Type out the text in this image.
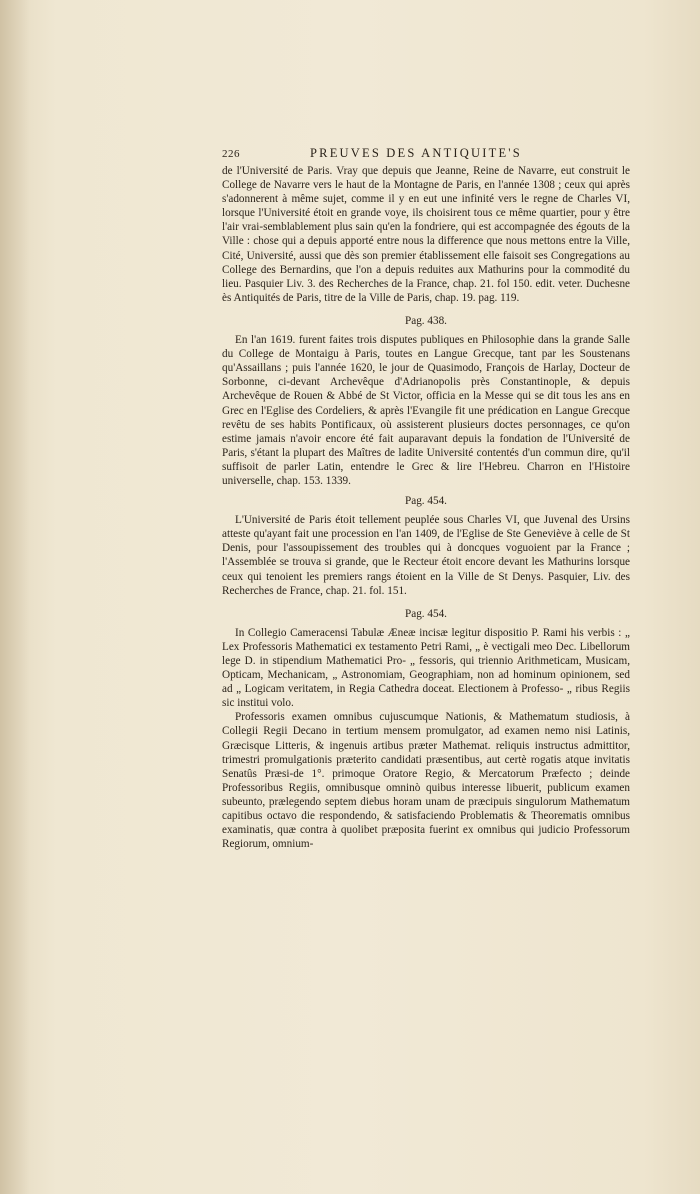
226	PREUVES DES ANTIQUITE'S

de l'Université de Paris. Vray que depuis que Jeanne, Reine de Navarre, eut construit le College de Navarre vers le haut de la Montagne de Paris, en l'année 1308 ; ceux qui après s'adonnerent à même sujet, comme il y en eut une infinité vers le regne de Charles VI, lorsque l'Université étoit en grande voye, ils choisirent tous ce même quartier, pour y être l'air vrai-semblablement plus sain qu'en la fondriere, qui est accompagnée des égouts de la Ville : chose qui a depuis apporté entre nous la difference que nous mettons entre la Ville, Cité, Université, aussi que dès son premier établissement elle faisoit ses Congregations au College des Bernardins, que l'on a depuis reduites aux Mathurins pour la commodité du lieu. Pasquier Liv. 3. des Recherches de la France, chap. 21. fol 150. edit. veter. Duchesne ès Antiquités de Paris, titre de la Ville de Paris, chap. 19. pag. 119.

Pag. 438.

En l'an 1619. furent faites trois disputes publiques en Philosophie dans la grande Salle du College de Montaigu à Paris, toutes en Langue Grecque, tant par les Soustenans qu'Assaillans ; puis l'année 1620, le jour de Quasimodo, François de Harlay, Docteur de Sorbonne, ci-devant Archevêque d'Adrianopolis près Constantinople, & depuis Archevêque de Rouen & Abbé de St Victor, officia en la Messe qui se dit tous les ans en Grec en l'Eglise des Cordeliers, & après l'Evangile fit une prédication en Langue Grecque revêtu de ses habits Pontificaux, où assisterent plusieurs doctes personnages, ce qu'on estime jamais n'avoir encore été fait auparavant depuis la fondation de l'Université de Paris, s'étant la plupart des Maîtres de ladite Université contentés d'un commun dire, qu'il suffisoit de parler Latin, entendre le Grec & lire l'Hebreu. Charron en l'Histoire universelle, chap. 153. 1339.

Pag. 454.

L'Université de Paris étoit tellement peuplée sous Charles VI, que Juvenal des Ursins atteste qu'ayant fait une procession en l'an 1409, de l'Eglise de Ste Geneviève à celle de St Denis, pour l'assoupissement des troubles qui à doncques voguoient par la France ; l'Assemblée se trouva si grande, que le Recteur étoit encore devant les Mathurins lorsque ceux qui tenoient les premiers rangs étoient en la Ville de St Denys. Pasquier, Liv. des Recherches de France, chap. 21. fol. 151.

Pag. 454.

In Collegio Cameracensi Tabulæ Æneæ incisæ legitur dispositio P. Rami his verbis : „ Lex Professoris Mathematici ex testamento Petri Rami, „ è vectigali meo Dec. Libellorum lege D. in stipendium Mathematici Pro- „ fessoris, qui triennio Arithmeticam, Musicam, Opticam, Mechanicam, „ Astronomiam, Geographiam, non ad hominum opinionem, sed ad „ Logicam veritatem, in Regia Cathedra doceat. Electionem à Professo- „ ribus Regiis sic institui volo.

Professoris examen omnibus cujuscumque Nationis, & Mathematum studiosis, à Collegii Regii Decano in tertium mensem promulgator, ad examen nemo nisi Latinis, Græcisque Litteris, & ingenuis artibus præter Mathemat. reliquis instructus admittitor, trimestri promulgationis præterito candidati præsentibus, aut certè rogatis atque invitatis Senatûs Præsi-de 1°. primoque Oratore Regio, & Mercatorum Præfecto ; deinde Professoribus Regiis, omnibusque omninò quibus interesse libuerit, publicum examen subeunto, prælegendo septem diebus horam unam de præcipuis singulorum Mathematum capitibus octavo die respondendo, & satisfaciendo Problematis & Theorematis omnibus examinatis, quæ contra à quolibet præposita fuerint ex omnibus qui judicio Professorum Regiorum, omnium-
